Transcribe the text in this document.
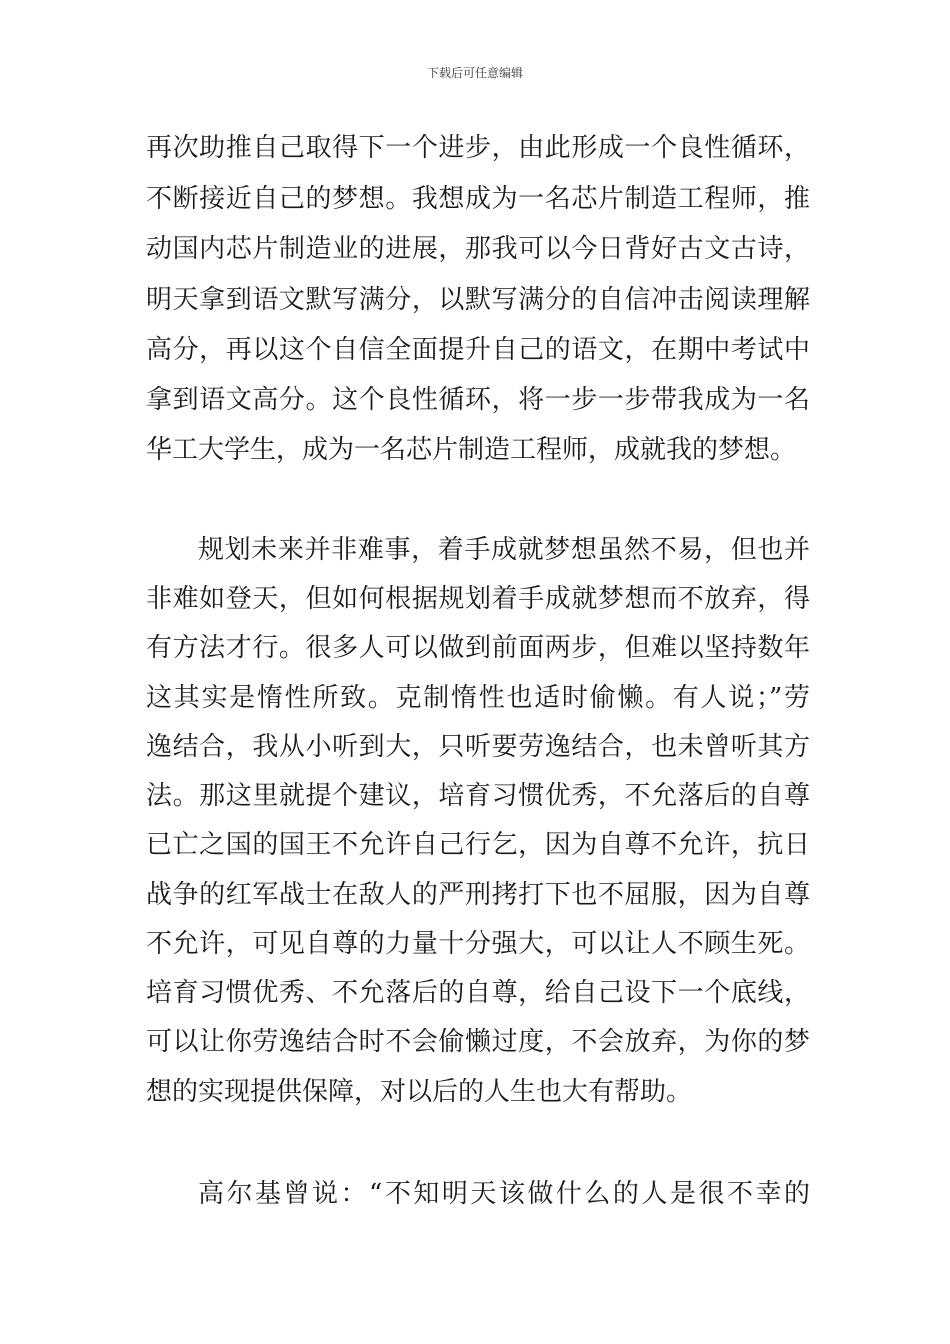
下载后可任意编辑
再次助推自己取得下一个进步，由此形成一个良性循环，
不断接近自己的梦想。我想成为一名芯片制造工程师，推
动国内芯片制造业的进展，那我可以今日背好古文古诗，
明天拿到语文默写满分，以默写满分的自信冲击阅读理解
高分，再以这个自信全面提升自己的语文，在期中考试中
拿到语文高分。这个良性循环，将一步一步带我成为一名
华工大学生，成为一名芯片制造工程师，成就我的梦想。
规划未来并非难事，着手成就梦想虽然不易，但也并
非难如登天，但如何根据规划着手成就梦想而不放弃，得
有方法才行。很多人可以做到前面两步，但难以坚持数年
这其实是惰性所致。克制惰性也适时偷懒。有人说；”劳
逸结合，我从小听到大，只听要劳逸结合，也未曾听其方
法。那这里就提个建议，培育习惯优秀，不允落后的自尊
已亡之国的国王不允许自己行乞，因为自尊不允许，抗日
战争的红军战士在敌人的严刑拷打下也不屈服，因为自尊
不允许，可见自尊的力量十分强大，可以让人不顾生死。
培育习惯优秀、不允落后的自尊，给自己设下一个底线，
可以让你劳逸结合时不会偷懒过度，不会放弃，为你的梦
想的实现提供保障，对以后的人生也大有帮助。
高尔基曾说：“不知明天该做什么的人是很不幸的
